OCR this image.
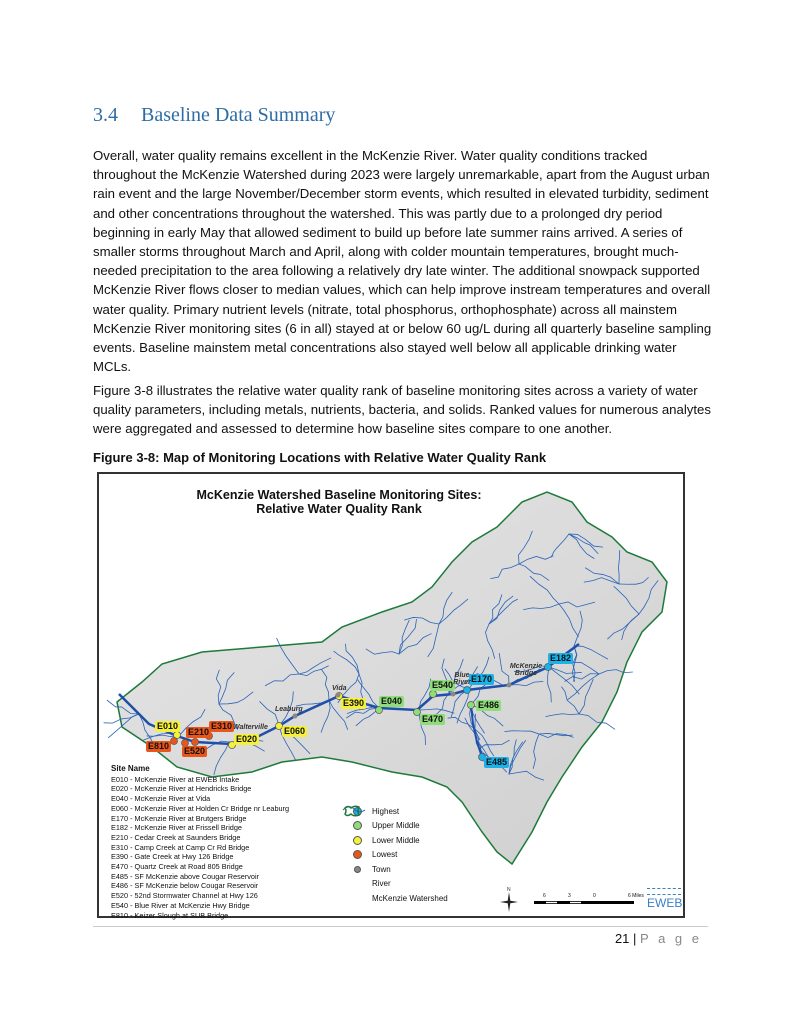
3.4 Baseline Data Summary

Overall, water quality remains excellent in the McKenzie River. Water quality conditions tracked throughout the McKenzie Watershed during 2023 were largely unremarkable, apart from the August urban rain event and the large November/December storm events, which resulted in elevated turbidity, sediment and other concentrations throughout the watershed. This was partly due to a prolonged dry period beginning in early May that allowed sediment to build up before late summer rains arrived. A series of smaller storms throughout March and April, along with colder mountain temperatures, brought much-needed precipitation to the area following a relatively dry late winter. The additional snowpack supported McKenzie River flows closer to median values, which can help improve instream temperatures and overall water quality. Primary nutrient levels (nitrate, total phosphorus, orthophosphate) across all mainstem McKenzie River monitoring sites (6 in all) stayed at or below 60 ug/L during all quarterly baseline sampling events. Baseline mainstem metal concentrations also stayed well below all applicable drinking water MCLs.

Figure 3-8 illustrates the relative water quality rank of baseline monitoring sites across a variety of water quality parameters, including metals, nutrients, bacteria, and solids. Ranked values for numerous analytes were aggregated and assessed to determine how baseline sites compare to one another.

Figure 3-8: Map of Monitoring Locations with Relative Water Quality Rank

McKenzie Watershed Baseline Monitoring Sites:
Relative Water Quality Rank
E010
E810 E520
E210
E310
E020
E060
E390 E040
E470
E540
E486
E170
E182
E485
Vida
Leaburg
Walterville
Blue River
McKenzie Bridge
Site Name
E010 - McKenzie River at EWEB Intake
E020 - McKenzie River at Hendricks Bridge
E040 - McKenzie River at Vida
E060 - McKenzie River at Holden Cr Bridge nr Leaburg
E170 - McKenzie River at Brutgers Bridge
E182 - McKenzie River at Frissell Bridge
E210 - Cedar Creek at Saunders Bridge
E310 - Camp Creek at Camp Cr Rd Bridge
E390 - Gate Creek at Hwy 126 Bridge
E470 - Quartz Creek at Road 805 Bridge
E485 - SF McKenzie above Cougar Reservoir
E486 - SF McKenzie below Cougar Reservoir
E520 - 52nd Stormwater Channel at Hwy 126
E540 - Blue River at McKenzie Hwy Bridge
E810 - Keizer Slough at SUB Bridge
Highest
Upper Middle
Lower Middle
Lowest
Town
River
McKenzie Watershed
N
6	3	0	6 Miles EWEB
21 | P a g e
